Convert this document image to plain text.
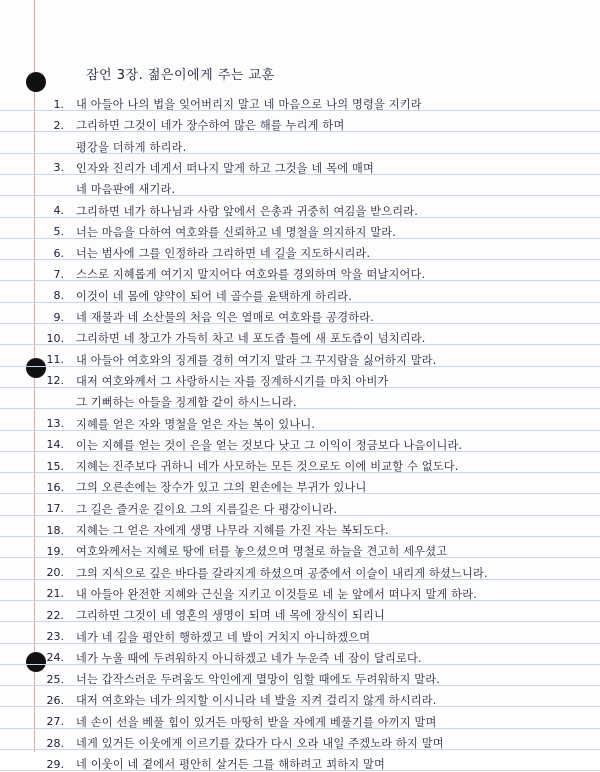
잠언 3장. 젊은이에게 주는 교훈
1. 내 아들아 나의 법을 잊어버리지 말고 네 마음으로 나의 명령을 지키라
2. 그리하면 그것이 네가 장수하여 많은 해를 누리게 하며
평강을 더하게 하리라.
3. 인자와 진리가 네게서 떠나지 말게 하고 그것을 네 목에 매며
네 마음판에 새기라.
4. 그리하면 네가 하나님과 사람 앞에서 은총과 귀중히 여김을 받으리라.
5. 너는 마음을 다하여 여호와를 신뢰하고 네 명철을 의지하지 말라.
6. 너는 범사에 그를 인정하라 그리하면 네 길을 지도하시리라.
7. 스스로 지혜롭게 여기지 말지어다 여호와를 경외하며 악을 떠날지어다.
8. 이것이 네 몸에 양약이 되어 네 골수를 윤택하게 하리라.
9. 네 재물과 네 소산물의 처음 익은 열매로 여호와를 공경하라.
10. 그리하면 네 창고가 가득히 차고 네 포도즙 틀에 새 포도즙이 넘치리라.
11. 내 아들아 여호와의 징계를 경히 여기지 말라 그 꾸지람을 싫어하지 말라.
12. 대저 여호와께서 그 사랑하시는 자를 징계하시기를 마치 아비가
그 기뻐하는 아들을 징계함 같이 하시느니라.
13. 지혜를 얻은 자와 명철을 얻은 자는 복이 있나니.
14. 이는 지혜를 얻는 것이 은을 얻는 것보다 낫고 그 이익이 정금보다 나음이니라.
15. 지혜는 진주보다 귀하니 네가 사모하는 모든 것으로도 이에 비교할 수 없도다.
16. 그의 오른손에는 장수가 있고 그의 왼손에는 부귀가 있나니
17. 그 길은 즐거운 길이요 그의 지름길은 다 평강이니라.
18. 지혜는 그 얻은 자에게 생명 나무라 지혜를 가진 자는 복되도다.
19. 여호와께서는 지혜로 땅에 터를 놓으셨으며 명철로 하늘을 견고히 세우셨고
20. 그의 지식으로 깊은 바다를 갈라지게 하셨으며 공중에서 이슬이 내리게 하셨느니라.
21. 내 아들아 완전한 지혜와 근신을 지키고 이것들로 네 눈 앞에서 떠나지 말게 하라.
22. 그리하면 그것이 네 영혼의 생명이 되며 네 목에 장식이 되리니
23. 네가 네 길을 평안히 행하겠고 네 발이 거치지 아니하겠으며
24. 네가 누울 때에 두려워하지 아니하겠고 네가 누운즉 네 잠이 달리로다.
25. 너는 갑작스러운 두려움도 악인에게 멸망이 임할 때에도 두려워하지 말라.
26. 대저 여호와는 네가 의지할 이시니라 네 발을 지켜 걸리지 않게 하시리라.
27. 네 손이 선을 베풀 힘이 있거든 마땅히 받을 자에게 베풀기를 아끼지 말며
28. 네게 있거든 이웃에게 이르기를 갔다가 다시 오라 내일 주겠노라 하지 말며
29. 네 이웃이 네 곁에서 평안히 살거든 그를 해하려고 꾀하지 말며
